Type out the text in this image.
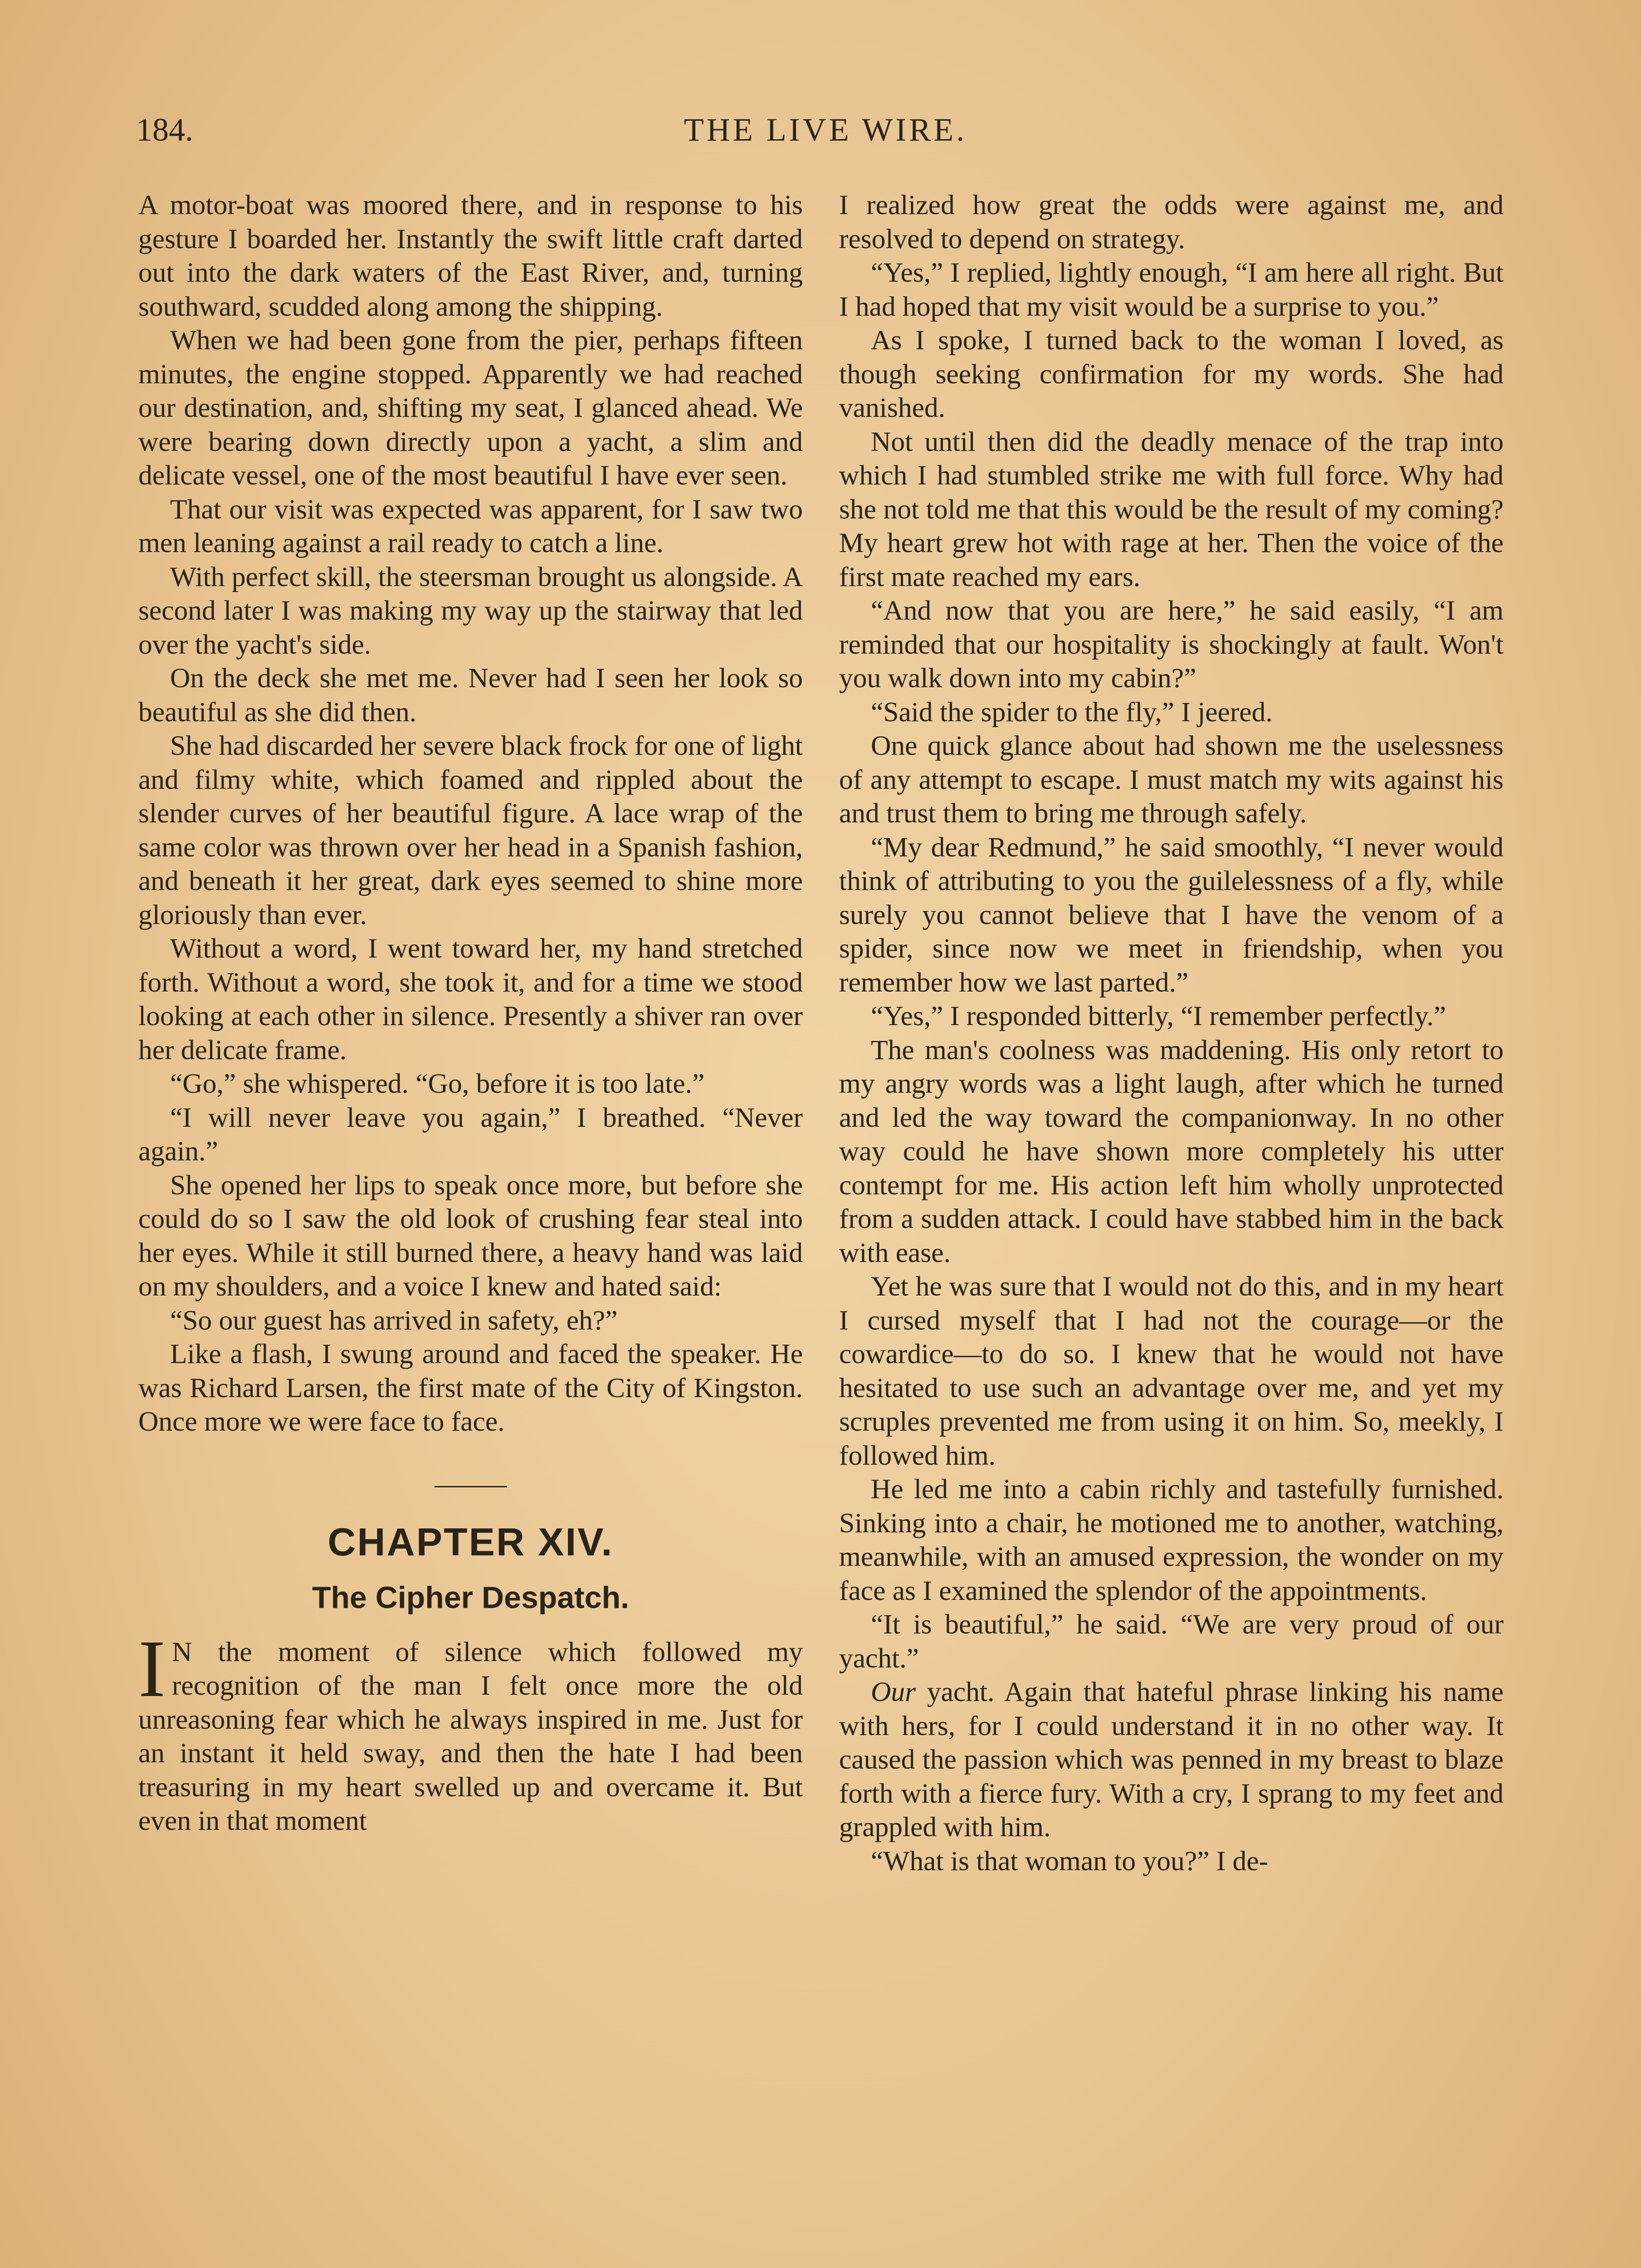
184.	THE LIVE WIRE.

A motor-boat was moored there, and in response to his gesture I boarded her. Instantly the swift little craft darted out into the dark waters of the East River, and, turning southward, scudded along among the shipping.

When we had been gone from the pier, perhaps fifteen minutes, the engine stopped. Apparently we had reached our destination, and, shifting my seat, I glanced ahead. We were bearing down directly upon a yacht, a slim and delicate vessel, one of the most beautiful I have ever seen.

That our visit was expected was apparent, for I saw two men leaning against a rail ready to catch a line.

With perfect skill, the steersman brought us alongside. A second later I was making my way up the stairway that led over the yacht's side.

On the deck she met me. Never had I seen her look so beautiful as she did then.

She had discarded her severe black frock for one of light and filmy white, which foamed and rippled about the slender curves of her beautiful figure. A lace wrap of the same color was thrown over her head in a Spanish fashion, and beneath it her great, dark eyes seemed to shine more gloriously than ever.

Without a word, I went toward her, my hand stretched forth. Without a word, she took it, and for a time we stood looking at each other in silence. Presently a shiver ran over her delicate frame.

“Go,” she whispered. “Go, before it is too late.”

“I will never leave you again,” I breathed. “Never again.”

She opened her lips to speak once more, but before she could do so I saw the old look of crushing fear steal into her eyes. While it still burned there, a heavy hand was laid on my shoulders, and a voice I knew and hated said:

“So our guest has arrived in safety, eh?”

Like a flash, I swung around and faced the speaker. He was Richard Larsen, the first mate of the City of Kingston. Once more we were face to face.

CHAPTER XIV.
The Cipher Despatch.

I N the moment of silence which followed my recognition of the man I felt once more the old unreasoning fear which he always inspired in me. Just for an instant it held sway, and then the hate I had been treasuring in my heart swelled up and overcame it. But even in that moment

I realized how great the odds were against me, and resolved to depend on strategy.

“Yes,” I replied, lightly enough, “I am here all right. But I had hoped that my visit would be a surprise to you.”

As I spoke, I turned back to the woman I loved, as though seeking confirmation for my words. She had vanished.

Not until then did the deadly menace of the trap into which I had stumbled strike me with full force. Why had she not told me that this would be the result of my coming? My heart grew hot with rage at her. Then the voice of the first mate reached my ears.

“And now that you are here,” he said easily, “I am reminded that our hospitality is shockingly at fault. Won't you walk down into my cabin?”

“Said the spider to the fly,” I jeered.

One quick glance about had shown me the uselessness of any attempt to escape. I must match my wits against his and trust them to bring me through safely.

“My dear Redmund,” he said smoothly, “I never would think of attributing to you the guilelessness of a fly, while surely you cannot believe that I have the venom of a spider, since now we meet in friendship, when you remember how we last parted.”

“Yes,” I responded bitterly, “I remember perfectly.”

The man's coolness was maddening. His only retort to my angry words was a light laugh, after which he turned and led the way toward the companionway. In no other way could he have shown more completely his utter contempt for me. His action left him wholly unprotected from a sudden attack. I could have stabbed him in the back with ease.

Yet he was sure that I would not do this, and in my heart I cursed myself that I had not the courage—or the cowardice—to do so. I knew that he would not have hesitated to use such an advantage over me, and yet my scruples prevented me from using it on him. So, meekly, I followed him.

He led me into a cabin richly and tastefully furnished. Sinking into a chair, he motioned me to another, watching, meanwhile, with an amused expression, the wonder on my face as I examined the splendor of the appointments.

“It is beautiful,” he said. “We are very proud of our yacht.”

Our yacht. Again that hateful phrase linking his name with hers, for I could understand it in no other way. It caused the passion which was penned in my breast to blaze forth with a fierce fury. With a cry, I sprang to my feet and grappled with him.

“What is that woman to you?” I de-
